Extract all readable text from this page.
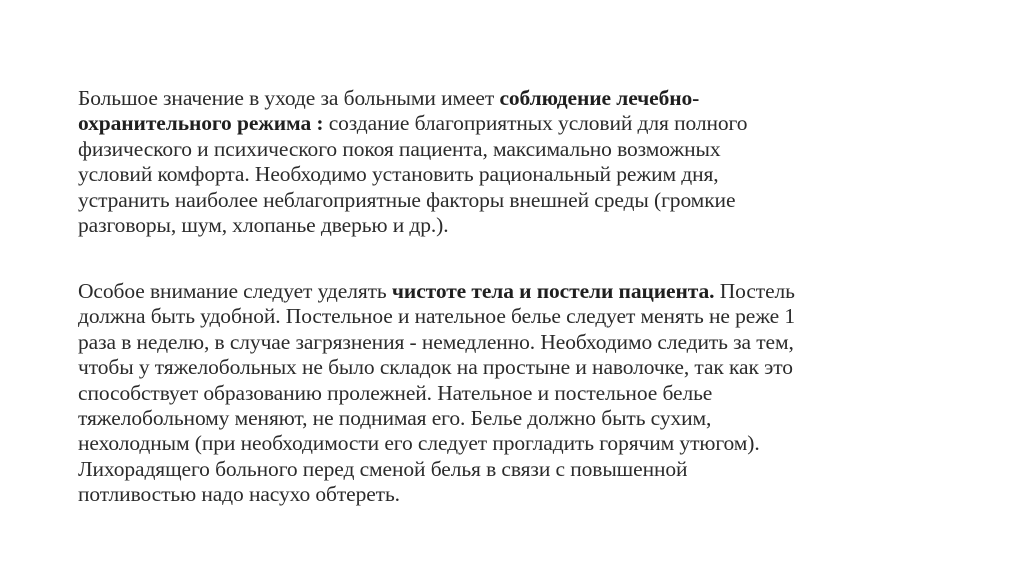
Большое значение в уходе за больными имеет соблюдение лечебно-
охранительного режима : создание благоприятных условий для полного
физического и психического покоя пациента, максимально возможных
условий комфорта. Необходимо установить рациональный режим дня,
устранить наиболее неблагоприятные факторы внешней среды (громкие
разговоры, шум, хлопанье дверью и др.).
Особое внимание следует уделять чистоте тела и постели пациента. Постель
должна быть удобной. Постельное и нательное белье следует менять не реже 1
раза в неделю, в случае загрязнения - немедленно. Необходимо следить за тем,
чтобы у тяжелобольных не было складок на простыне и наволочке, так как это
способствует образованию пролежней. Нательное и постельное белье
тяжелобольному меняют, не поднимая его. Белье должно быть сухим,
нехолодным (при необходимости его следует прогладить горячим утюгом).
Лихорадящего больного перед сменой белья в связи с повышенной
потливостью надо насухо обтереть.
